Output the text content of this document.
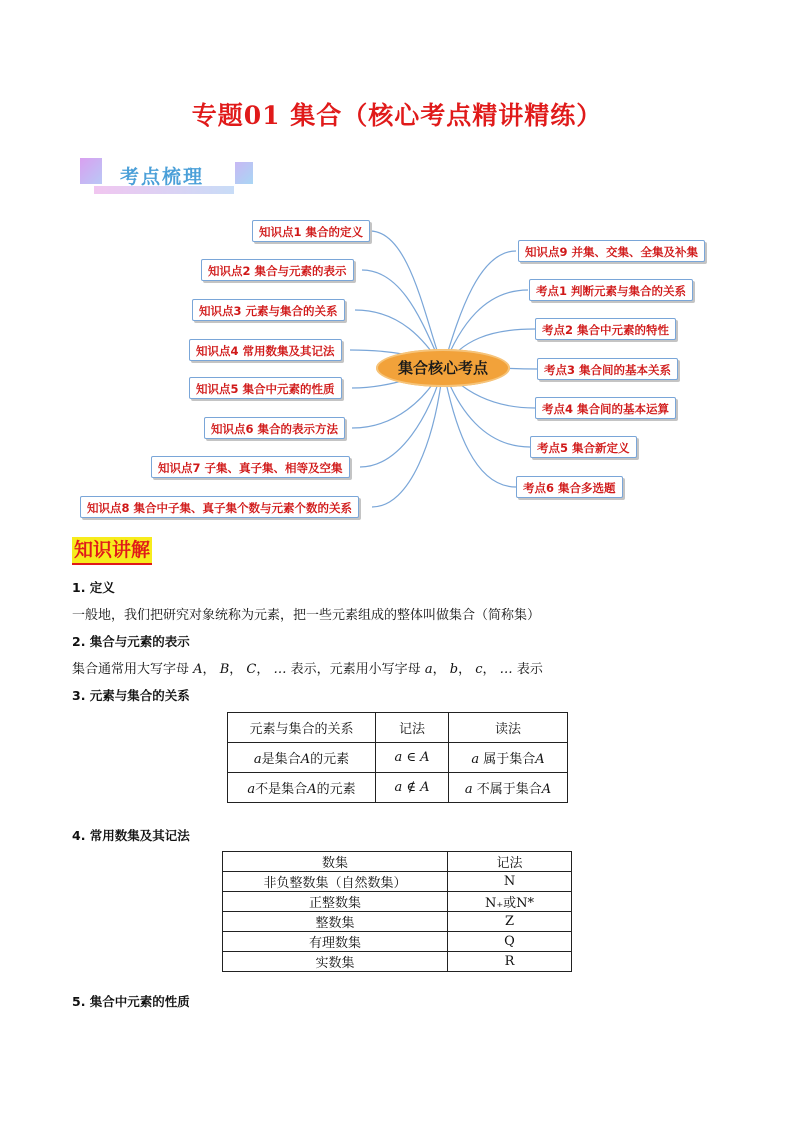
专题01 集合（核心考点精讲精练）
考点梳理
知识点1 集合的定义
知识点2 集合与元素的表示
知识点3 元素与集合的关系
知识点4 常用数集及其记法
知识点5 集合中元素的性质
知识点6 集合的表示方法
知识点7 子集、真子集、相等及空集
知识点8 集合中子集、真子集个数与元素个数的关系
知识点9 并集、交集、全集及补集
考点1 判断元素与集合的关系
考点2 集合中元素的特性
考点3 集合间的基本关系
考点4 集合间的基本运算
考点5 集合新定义
考点6 集合多选题
集合核心考点
知识讲解
1. 定义
一般地，我们把研究对象统称为元素，把一些元素组成的整体叫做集合（简称集）
2. 集合与元素的表示
集合通常用大写字母 A， B， C， … 表示，元素用小写字母 a， b， c， … 表示
3. 元素与集合的关系
元素与集合的关系	记法	读法
a是集合A的元素	a ∈ A	a 属于集合A
a不是集合A的元素	a ∉ A	a 不属于集合A
4. 常用数集及其记法
数集	记法
非负整数集（自然数集）	N
正整数集	N₊或N*
整数集	Z
有理数集	Q
实数集	R
5. 集合中元素的性质
